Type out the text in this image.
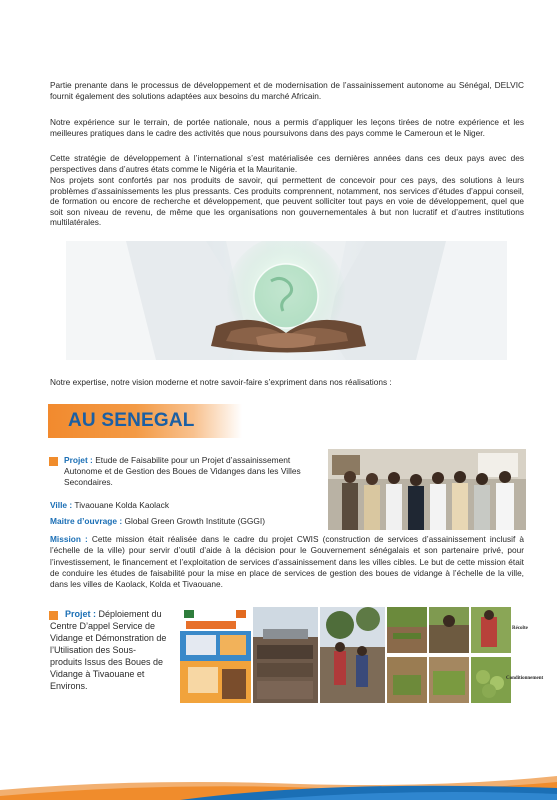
Partie prenante dans le processus de développement et de modernisation de l’assainissement autonome au Sénégal, DELVIC fournit également des solutions adaptées aux besoins du marché Africain.

Notre expérience sur le terrain, de portée nationale, nous a permis d’appliquer les leçons tirées de notre expérience et les meilleures pratiques dans le cadre des activités que nous poursuivons dans des pays comme le Cameroun et le Niger.

Cette stratégie de développement à l’international s’est matérialisée ces dernières années dans ces deux pays avec des perspectives dans d’autres états comme le Nigéria et la Mauritanie.

Nos projets sont confortés par nos produits de savoir, qui permettent de concevoir pour ces pays, des solutions à leurs problèmes d’assainissements les plus pressants. Ces produits comprennent, notamment, nos services d’études d’appui conseil, de formation ou encore de recherche et développement, que peuvent solliciter tout pays en voie de développement, quel que soit son niveau de revenu, de même que les organisations non gouvernementales à but non lucratif et d’autres institutions multilatérales.

Notre expertise, notre vision moderne et notre savoir-faire s’expriment dans nos réalisations :

AU SENEGAL
Projet : Etude de Faisabilite pour un Projet d’assainissement Autonome et de Gestion des Boues de Vidanges dans les Villes Secondaires.
Ville : Tivaouane Kolda Kaolack
Maitre d’ouvrage : Global Green Growth Institute (GGGI)

Mission : Cette mission était réalisée dans le cadre du projet CWIS (construction de services d’assainissement inclusif à l’échelle de la ville) pour servir d’outil d’aide à la décision pour le Gouvernement sénégalais et son partenaire privé, pour l’investissement, le financement et l’exploitation de services d’assainissement dans les villes cibles. Le but de cette mission était de conduire les études de faisabilité pour la mise en place de services de gestion des boues de vidange à l’échelle de la ville, dans les villes de Kaolack, Kolda et Tivaouane.

Projet : Déploiement du Centre D’appel Service de Vidange et Démonstration de l’Utilisation des Sous-produits Issus des Boues de Vidange à Tivaouane et Environs.
Récolte
Conditionnement
